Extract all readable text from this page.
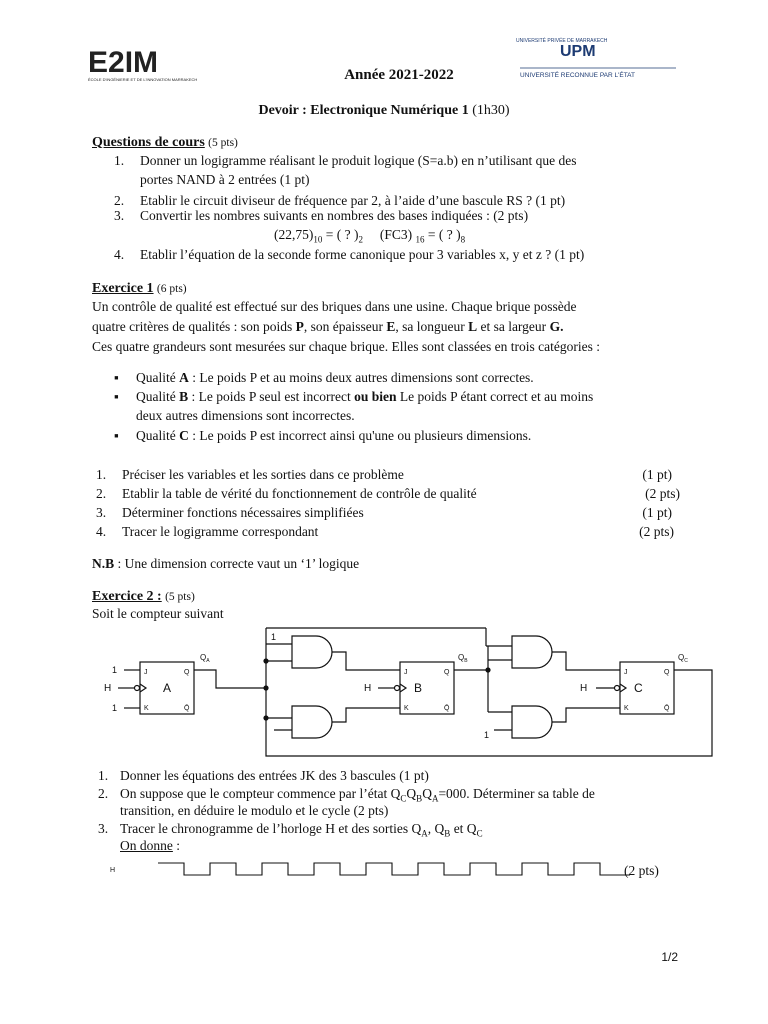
E2IM
ÉCOLE D'INGÉNIERIE ET DE L'INNOVATION MARRAKECH
UNIVERSITÉ PRIVÉE DE MARRAKECH
UPM
UNIVERSITÉ RECONNUE PAR L'ÉTAT
Année 2021-2022
Devoir : Electronique Numérique 1 (1h30)
Questions de cours (5 pts)
1. Donner un logigramme réalisant le produit logique (S=a.b) en n’utilisant que des
portes NAND à 2 entrées (1 pt)
2. Etablir le circuit diviseur de fréquence par 2, à l’aide d’une bascule RS ? (1 pt)
3. Convertir les nombres suivants en nombres des bases indiquées : (2 pts)
$(22,75)_{10}$ = ( ? )$_2$ (FC3) $_{16}$ = ( ? )$_8$
4. Etablir l’équation de la seconde forme canonique pour 3 variables x, y et z ? (1 pt)
Exercice 1 (6 pts)
Un contrôle de qualité est effectué sur des briques dans une usine. Chaque brique possède
quatre critères de qualités : son poids P, son épaisseur E, sa longueur L et sa largeur G.
Ces quatre grandeurs sont mesurées sur chaque brique. Elles sont classées en trois catégories :
▪ Qualité A : Le poids P et au moins deux autres dimensions sont correctes.
▪ Qualité B : Le poids P seul est incorrect ou bien Le poids P étant correct et au moins
deux autres dimensions sont incorrectes.
▪ Qualité C : Le poids P est incorrect ainsi qu'une ou plusieurs dimensions.
1. Préciser les variables et les sorties dans ce problème	(1 pt)
2. Etablir la table de vérité du fonctionnement de contrôle de qualité	(2 pts)
3. Déterminer fonctions nécessaires simplifiées	(1 pt)
4. Tracer le logigramme correspondant	(2 pts)
N.B : Une dimension correcte vaut un ‘1’ logique
Exercice 2 : (5 pts)
Soit le compteur suivant
J
K
Q
Q̄
A
1
1
H
$Q_A$
1
J
K
Q
Q̄
B
H
$Q_B$
1
J
K
Q
Q̄
C
H
$Q_C$
1. Donner les équations des entrées JK des 3 bascules (1 pt)
2. On suppose que le compteur commence par l’état $Q_CQ_BQ_A=000$. Déterminer sa table de
transition, en déduire le modulo et le cycle (2 pts)
3. Tracer le chronogramme de l’horloge H et des sorties $Q_A$, $Q_B$ et $Q_C$
On donne :
H	(2 pts)
1/2
